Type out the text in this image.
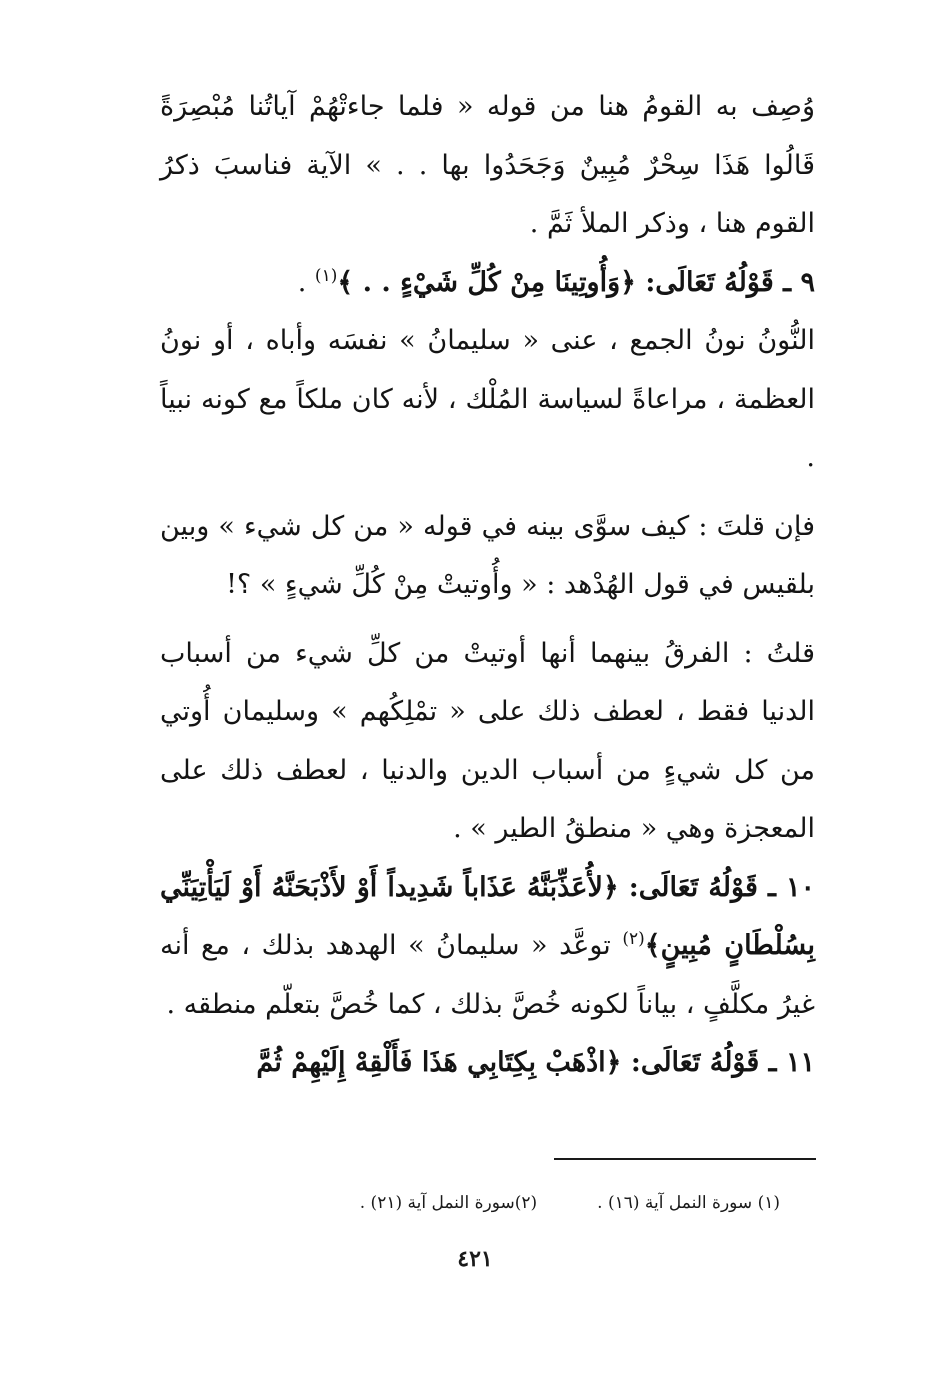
وُصِف به القومُ هنا من قوله « فلما جاءتْهُمْ آياتُنا مُبْصِرَةً قَالُوا هَذَا سِحْرٌ مُبِينٌ وَجَحَدُوا بها . . » الآية فناسبَ ذكرُ القوم هنا ، وذكر الملأ ثَمَّ .

٩ ـ قَوْلُهُ تَعَالَى: ﴿وَأُوتِينَا مِنْ كُلِّ شَيْءٍ . . ﴾$^{(١)}$ .

النُّونُ نونُ الجمع ، عنى « سليمانُ » نفسَه وأباه ، أو نونُ العظمة ، مراعاةً لسياسة المُلْك ، لأنه كان ملكاً مع كونه نبياً .

فإن قلتَ : كيف سوَّى بينه في قوله « من كل شيء » وبين بلقيس في قول الهُدْهد : « وأُوتيتْ مِنْ كُلِّ شيءٍ » ؟!

قلتُ : الفرقُ بينهما أنها أوتيتْ من كلِّ شيء من أسباب الدنيا فقط ، لعطف ذلك على « تمْلِكُهم » وسليمان أُوتي من كل شيءٍ من أسباب الدين والدنيا ، لعطف ذلك على المعجزة وهي « منطقُ الطير » .

١٠ ـ قَوْلُهُ تَعَالَى: ﴿لأُعَذِّبَنَّهُ عَذَاباً شَدِيداً أَوْ لأَذْبَحَنَّهُ أَوْ لَيَأْتِيَنِّي بِسُلْطَانٍ مُبِينٍ﴾$^{(٢)}$ توعَّد « سليمانُ » الهدهد بذلك ، مع أنه غيرُ مكلَّفٍ ، بياناً لكونه خُصَّ بذلك ، كما خُصَّ بتعلّم منطقه .

١١ ـ قَوْلُهُ تَعَالَى: ﴿اذْهَبْ بِكِتَابِي هَذَا فَأَلْقِهْ إِلَيْهِمْ ثُمَّ

(١) سورة النمل آية (١٦) .(٢)سورة النمل آية (٢١) .
٤٢١
